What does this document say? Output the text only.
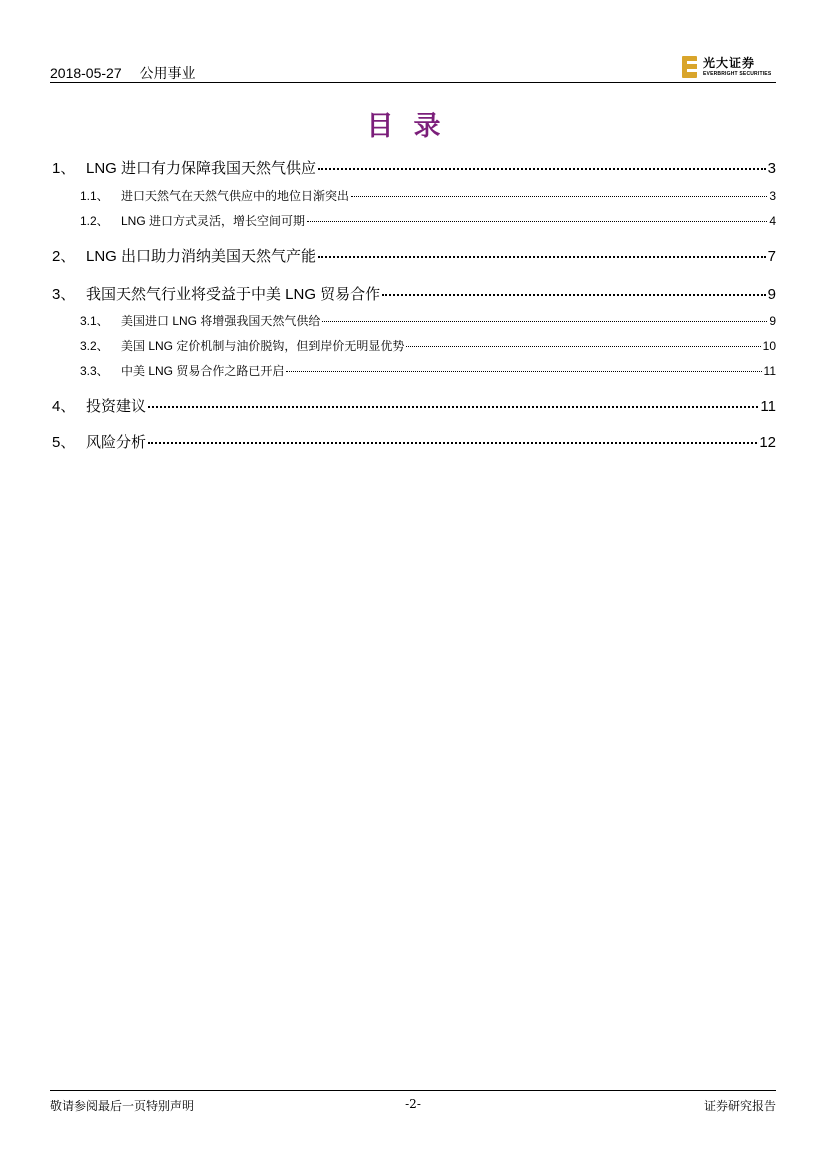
2018-05-27 公用事业
光大证券
EVERBRIGHT SECURITIES
目录
1、 LNG 进口有力保障我国天然气供应	3
1.1、	进口天然气在天然气供应中的地位日渐突出	3
1.2、	LNG 进口方式灵活，增长空间可期	4
2、 LNG 出口助力消纳美国天然气产能	7
3、 我国天然气行业将受益于中美 LNG 贸易合作	9
3.1、	美国进口 LNG 将增强我国天然气供给	9
3.2、	美国 LNG 定价机制与油价脱钩，但到岸价无明显优势	10
3.3、	中美 LNG 贸易合作之路已开启	11
4、 投资建议	11
5、 风险分析	12
敬请参阅最后一页特别声明	-2-	证券研究报告
